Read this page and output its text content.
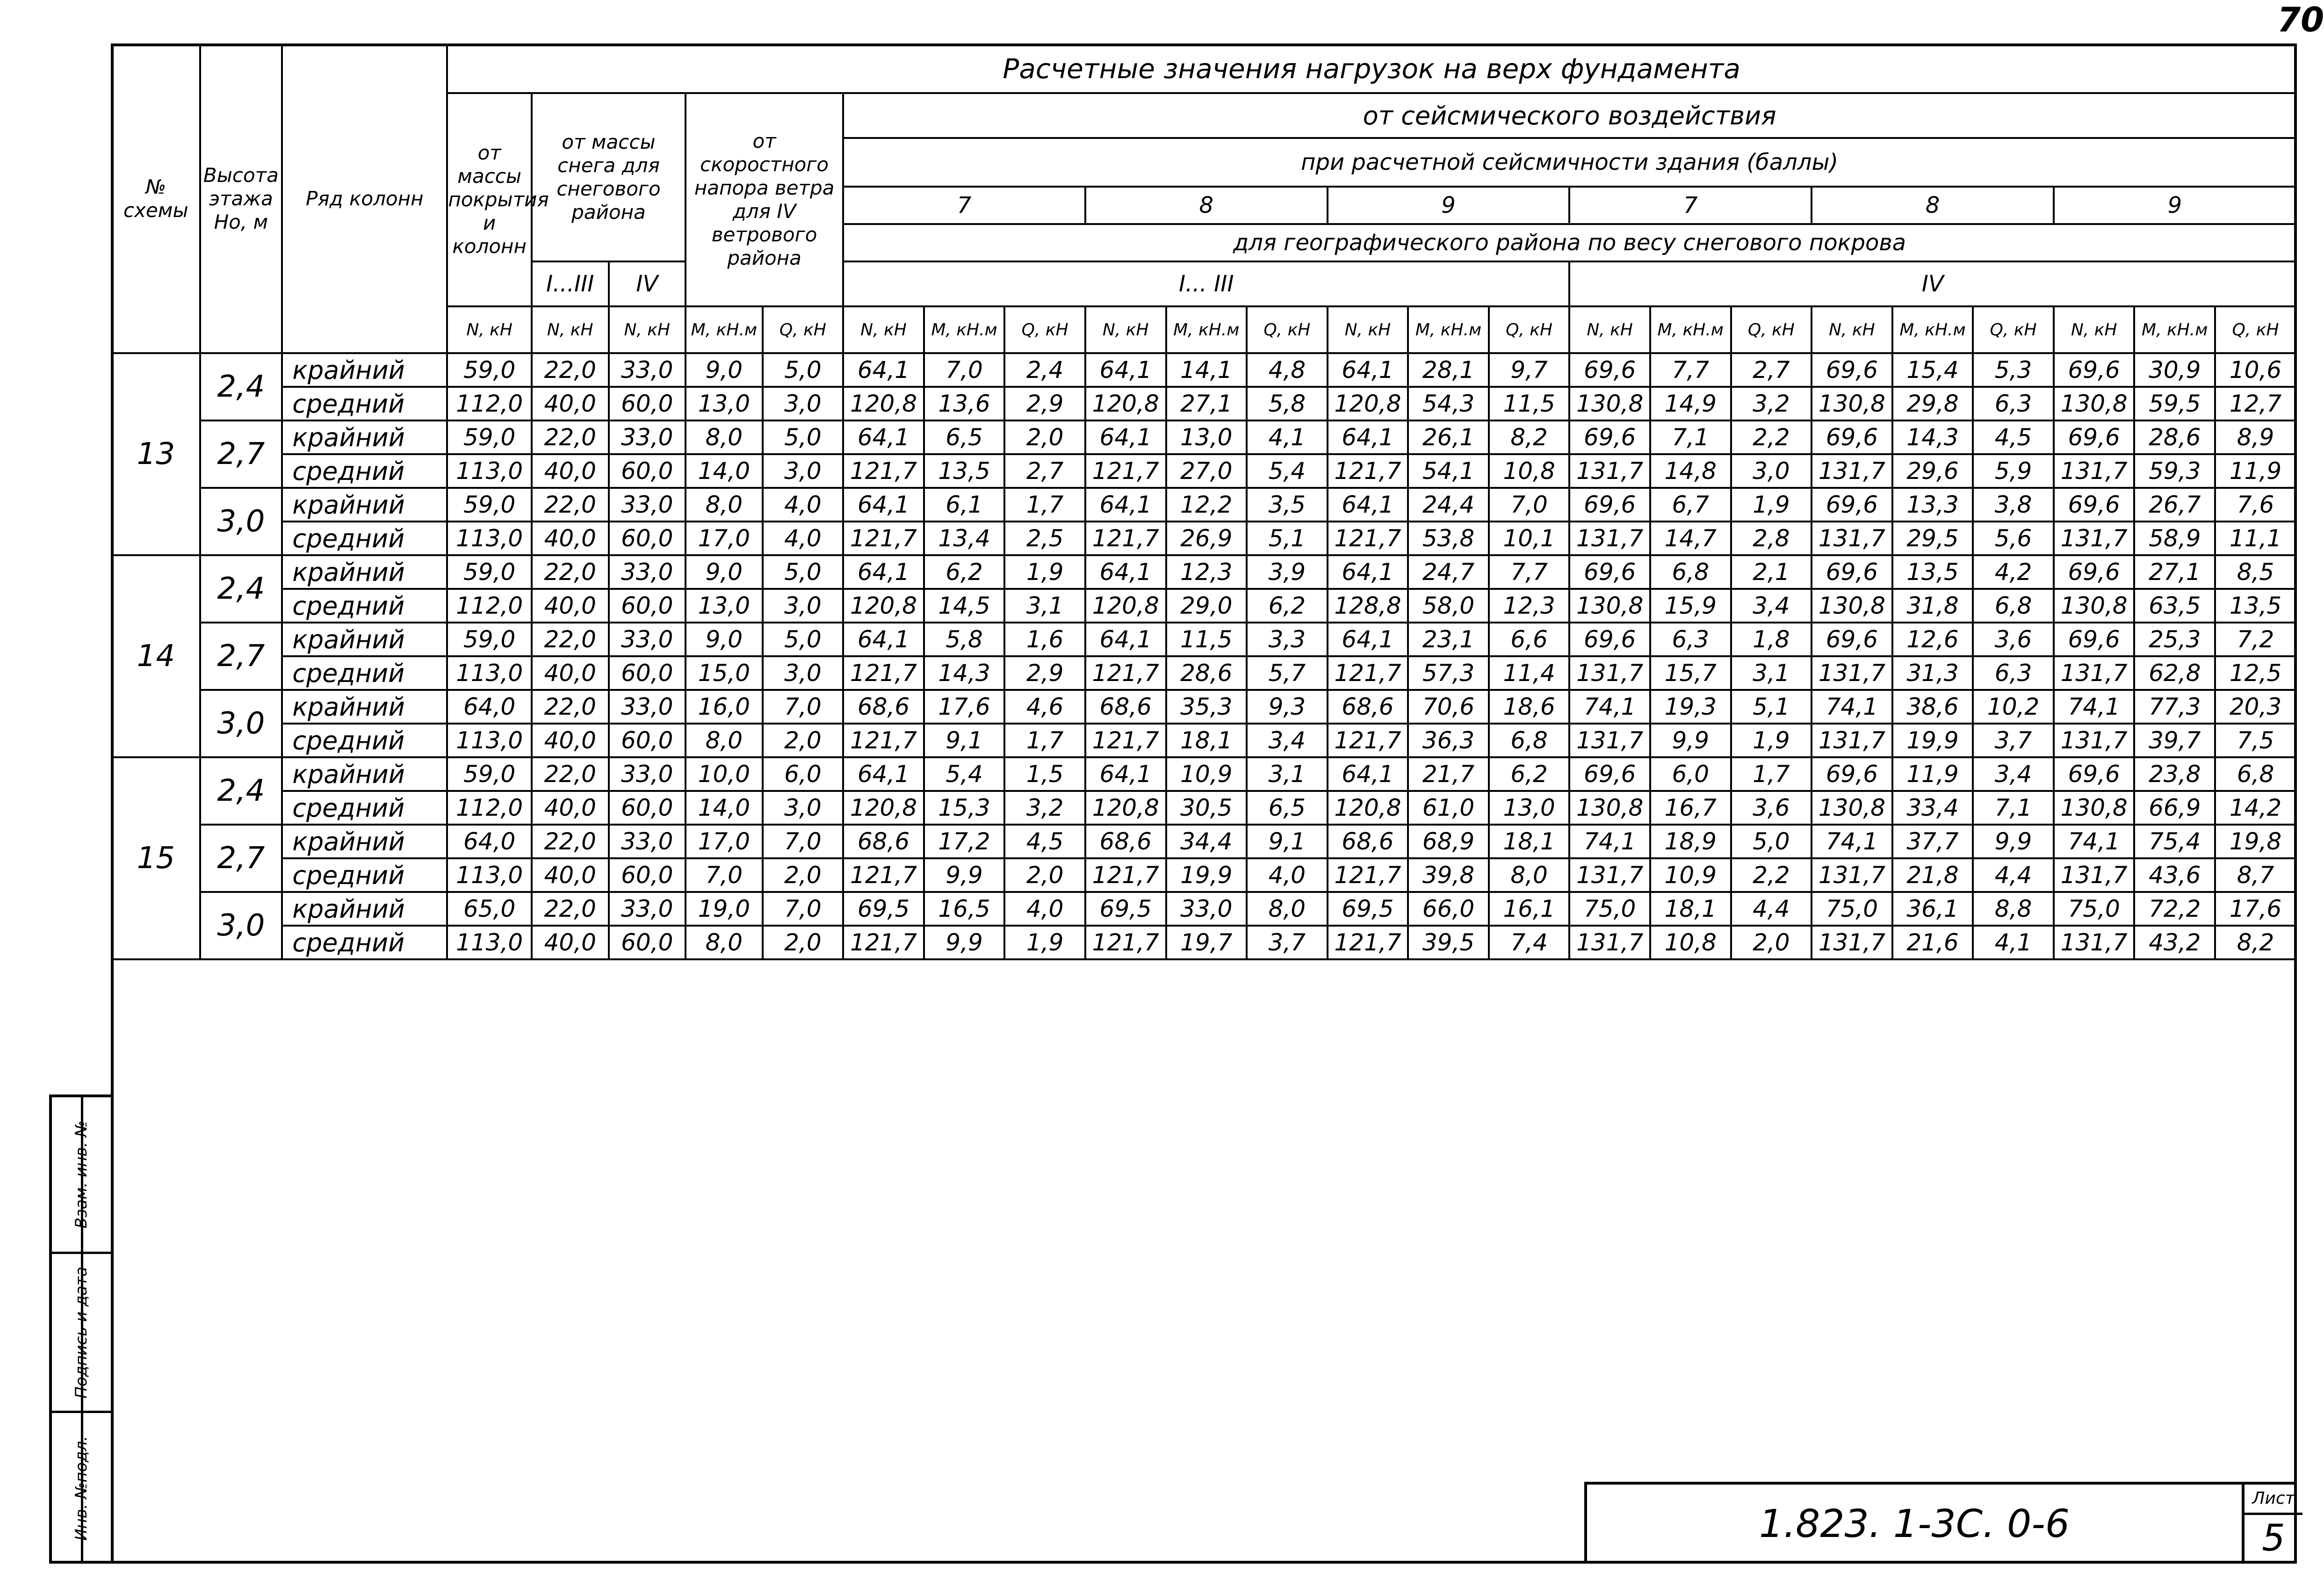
70
Взам. инв. №
Подпись и дата
Инв. №подл.
№ схемы	Высота этажа Hо, м	Ряд колонн	Расчетные значения нагрузок на верх фундамента																						
			от массы покрытия и колонн	от массы снега для снегового района		от скоростного напора ветра для IV ветрового района		от сейсмического воздействия																	
								при расчетной сейсмичности здания (баллы)																	
								7			8			9			7			8			9		
								для географического района по весу снегового покрова																	
				I...III	IV			I... III									IV								
			N, кН	N, кН	N, кН	M, кН.м	Q, кН	N, кН	M, кН.м	Q, кН	N, кН	M, кН.м	Q, кН	N, кН	M, кН.м	Q, кН	N, кН	M, кН.м	Q, кН	N, кН	M, кН.м	Q, кН	N, кН	M, кН.м	Q, кН
13	2,4	крайний	59,0	22,0	33,0	9,0	5,0	64,1	7,0	2,4	64,1	14,1	4,8	64,1	28,1	9,7	69,6	7,7	2,7	69,6	15,4	5,3	69,6	30,9	10,6
		средний	112,0	40,0	60,0	13,0	3,0	120,8	13,6	2,9	120,8	27,1	5,8	120,8	54,3	11,5	130,8	14,9	3,2	130,8	29,8	6,3	130,8	59,5	12,7
	2,7	крайний	59,0	22,0	33,0	8,0	5,0	64,1	6,5	2,0	64,1	13,0	4,1	64,1	26,1	8,2	69,6	7,1	2,2	69,6	14,3	4,5	69,6	28,6	8,9
		средний	113,0	40,0	60,0	14,0	3,0	121,7	13,5	2,7	121,7	27,0	5,4	121,7	54,1	10,8	131,7	14,8	3,0	131,7	29,6	5,9	131,7	59,3	11,9
	3,0	крайний	59,0	22,0	33,0	8,0	4,0	64,1	6,1	1,7	64,1	12,2	3,5	64,1	24,4	7,0	69,6	6,7	1,9	69,6	13,3	3,8	69,6	26,7	7,6
		средний	113,0	40,0	60,0	17,0	4,0	121,7	13,4	2,5	121,7	26,9	5,1	121,7	53,8	10,1	131,7	14,7	2,8	131,7	29,5	5,6	131,7	58,9	11,1
14	2,4	крайний	59,0	22,0	33,0	9,0	5,0	64,1	6,2	1,9	64,1	12,3	3,9	64,1	24,7	7,7	69,6	6,8	2,1	69,6	13,5	4,2	69,6	27,1	8,5
		средний	112,0	40,0	60,0	13,0	3,0	120,8	14,5	3,1	120,8	29,0	6,2	128,8	58,0	12,3	130,8	15,9	3,4	130,8	31,8	6,8	130,8	63,5	13,5
	2,7	крайний	59,0	22,0	33,0	9,0	5,0	64,1	5,8	1,6	64,1	11,5	3,3	64,1	23,1	6,6	69,6	6,3	1,8	69,6	12,6	3,6	69,6	25,3	7,2
		средний	113,0	40,0	60,0	15,0	3,0	121,7	14,3	2,9	121,7	28,6	5,7	121,7	57,3	11,4	131,7	15,7	3,1	131,7	31,3	6,3	131,7	62,8	12,5
	3,0	крайний	64,0	22,0	33,0	16,0	7,0	68,6	17,6	4,6	68,6	35,3	9,3	68,6	70,6	18,6	74,1	19,3	5,1	74,1	38,6	10,2	74,1	77,3	20,3
		средний	113,0	40,0	60,0	8,0	2,0	121,7	9,1	1,7	121,7	18,1	3,4	121,7	36,3	6,8	131,7	9,9	1,9	131,7	19,9	3,7	131,7	39,7	7,5
15	2,4	крайний	59,0	22,0	33,0	10,0	6,0	64,1	5,4	1,5	64,1	10,9	3,1	64,1	21,7	6,2	69,6	6,0	1,7	69,6	11,9	3,4	69,6	23,8	6,8
		средний	112,0	40,0	60,0	14,0	3,0	120,8	15,3	3,2	120,8	30,5	6,5	120,8	61,0	13,0	130,8	16,7	3,6	130,8	33,4	7,1	130,8	66,9	14,2
	2,7	крайний	64,0	22,0	33,0	17,0	7,0	68,6	17,2	4,5	68,6	34,4	9,1	68,6	68,9	18,1	74,1	18,9	5,0	74,1	37,7	9,9	74,1	75,4	19,8
		средний	113,0	40,0	60,0	7,0	2,0	121,7	9,9	2,0	121,7	19,9	4,0	121,7	39,8	8,0	131,7	10,9	2,2	131,7	21,8	4,4	131,7	43,6	8,7
	3,0	крайний	65,0	22,0	33,0	19,0	7,0	69,5	16,5	4,0	69,5	33,0	8,0	69,5	66,0	16,1	75,0	18,1	4,4	75,0	36,1	8,8	75,0	72,2	17,6
		средний	113,0	40,0	60,0	8,0	2,0	121,7	9,9	1,9	121,7	19,7	3,7	121,7	39,5	7,4	131,7	10,8	2,0	131,7	21,6	4,1	131,7	43,2	8,2
1.823. 1-3С. 0-6
Лист
5
